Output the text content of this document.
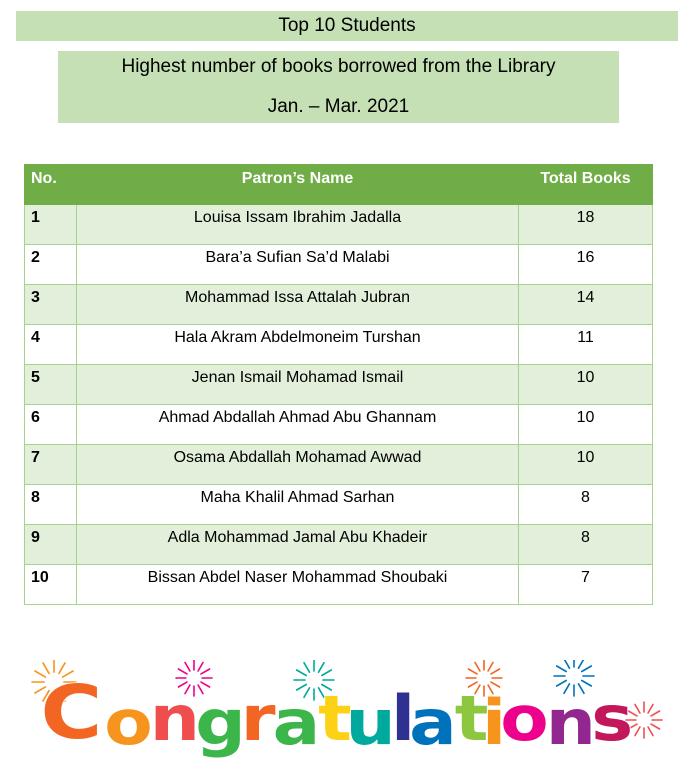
Top 10 Students
Highest number of books borrowed from the Library
Jan. – Mar. 2021
No.	Patron’s Name	Total Books
1	Louisa Issam Ibrahim Jadalla	18
2	Bara’a Sufian Sa’d Malabi	16
3	Mohammad Issa Attalah Jubran	14
4	Hala Akram Abdelmoneim Turshan	11
5	Jenan Ismail Mohamad Ismail	10
6	Ahmad Abdallah Ahmad Abu Ghannam	10
7	Osama Abdallah Mohamad Awwad	10
8	Maha Khalil Ahmad Sarhan	8
9	Adla Mohammad Jamal Abu Khadeir	8
10	Bissan Abdel Naser Mohammad Shoubaki	7
C o
n
g
r
a
t
u
l
a
t
i
o
n
s
